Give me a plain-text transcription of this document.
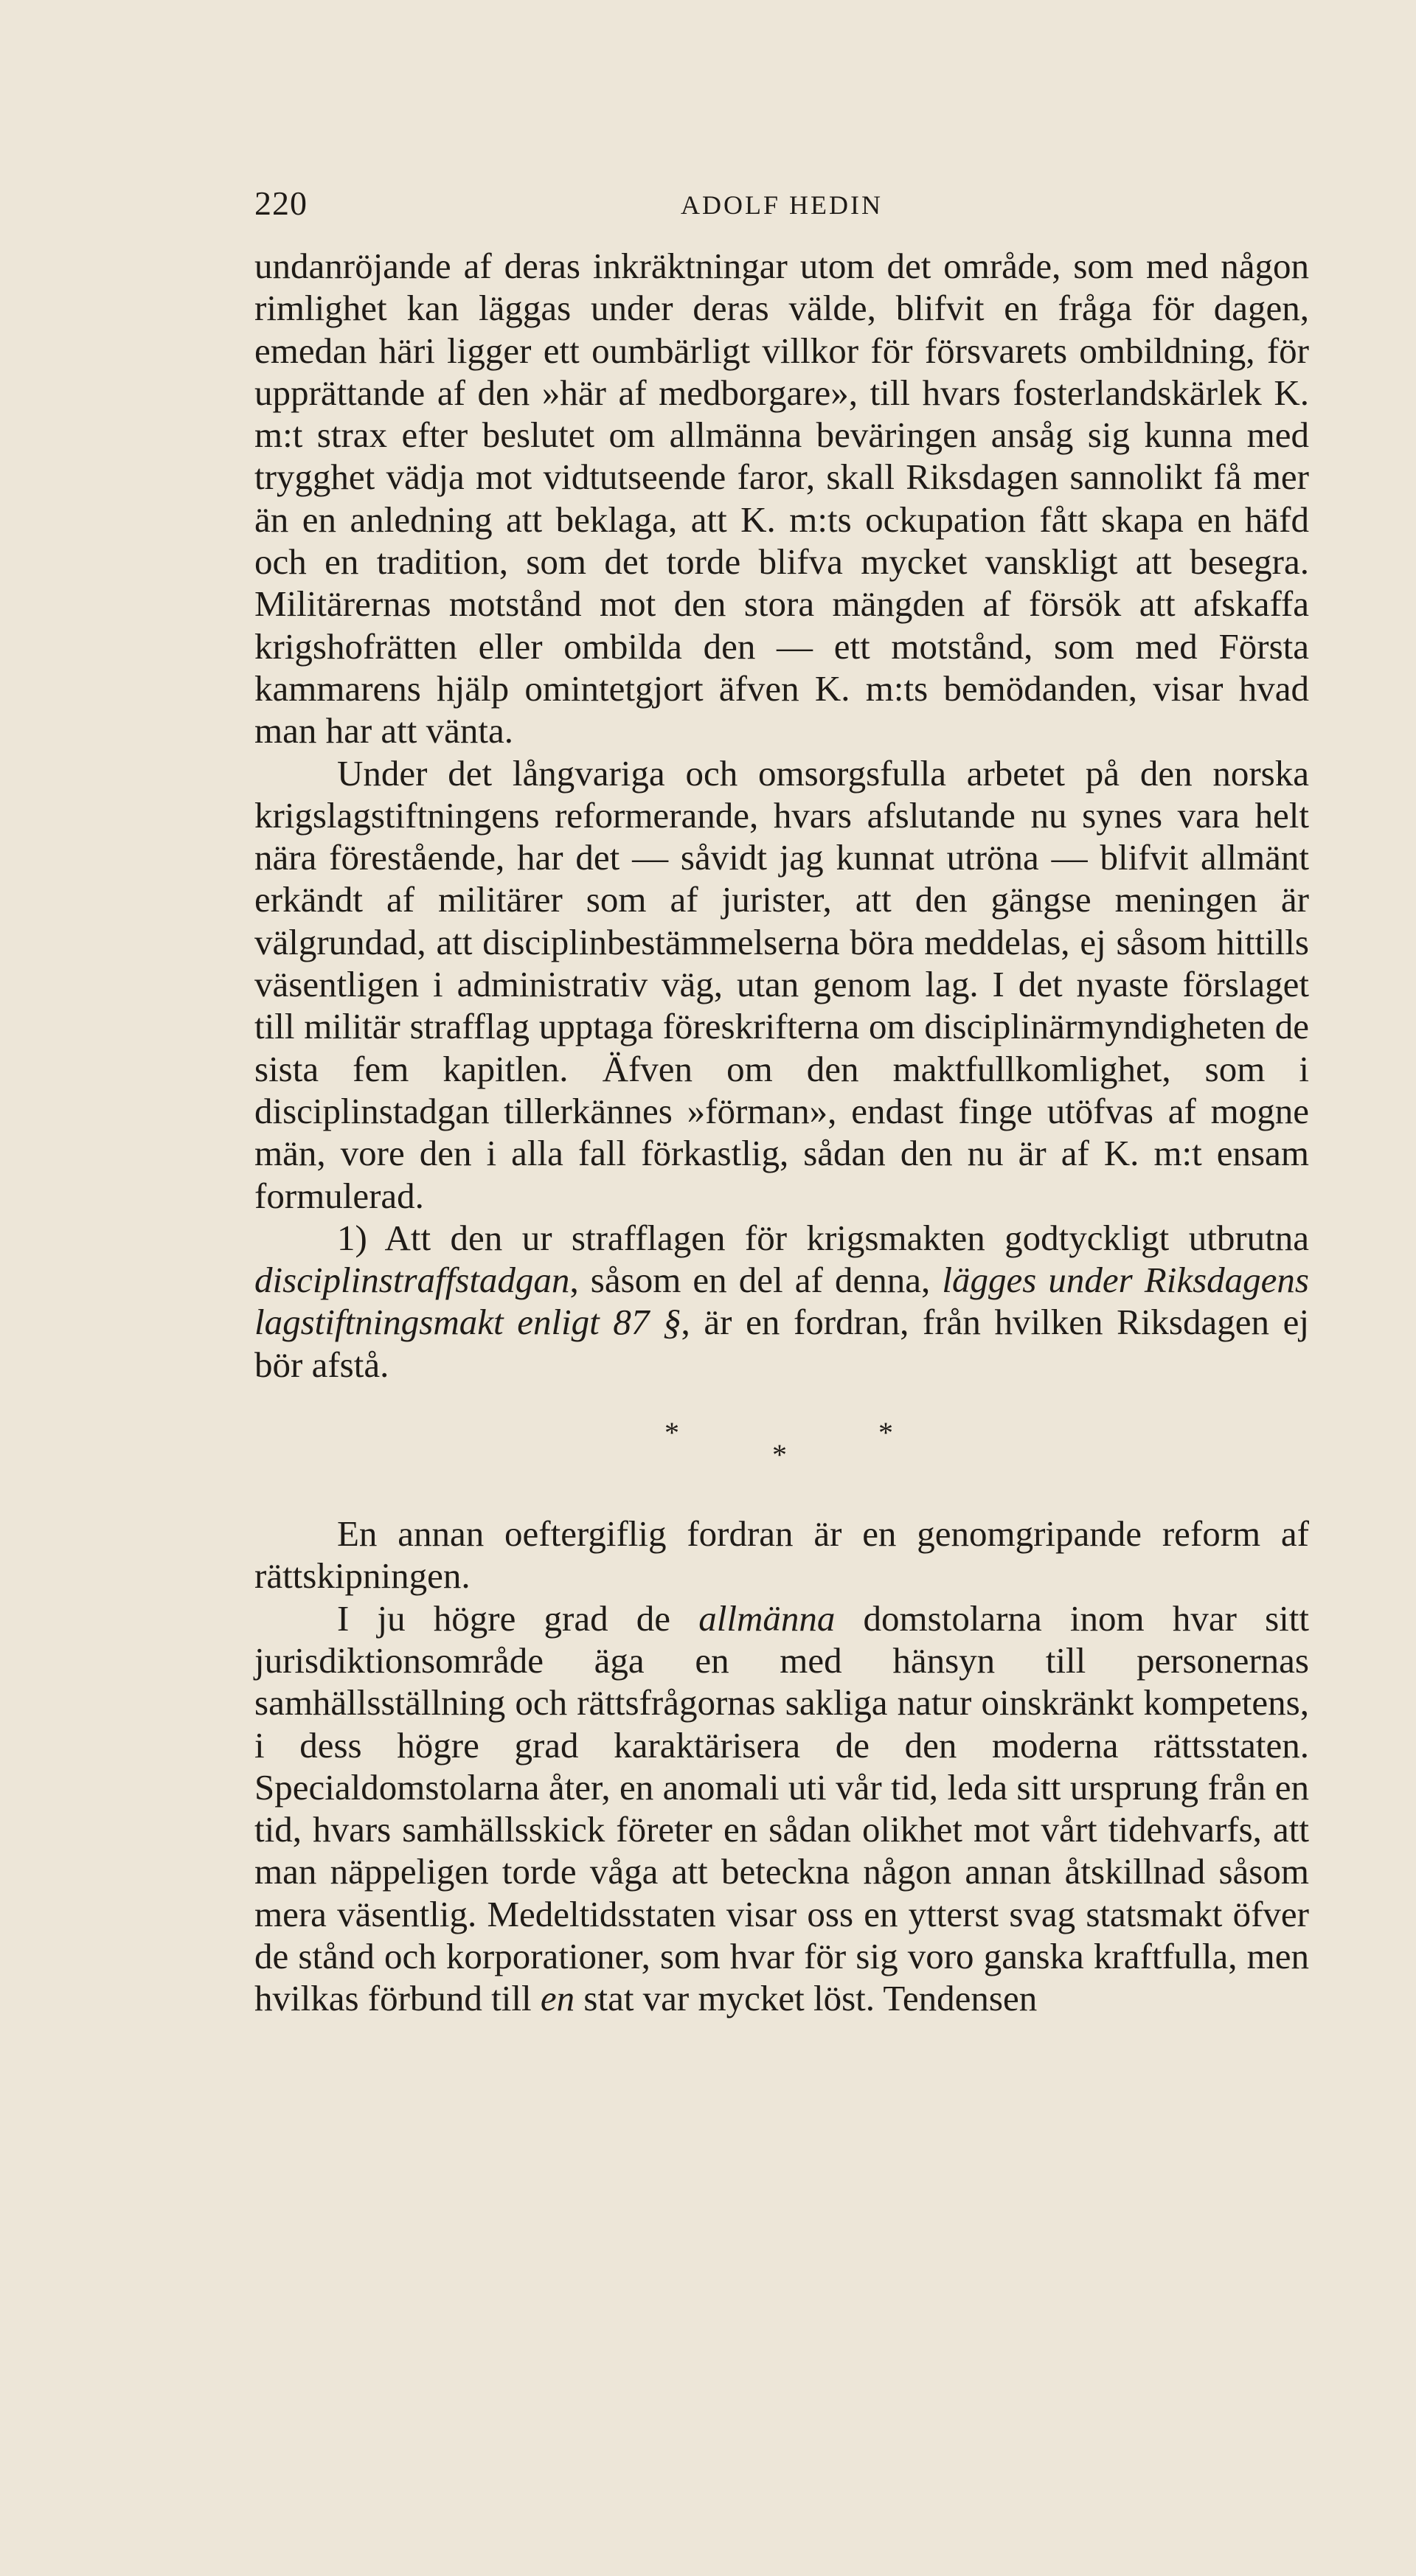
220	ADOLF HEDIN

undanröjande af deras inkräktningar utom det område, som med någon rimlighet kan läggas under deras välde, blifvit en fråga för dagen, emedan häri ligger ett oumbärligt villkor för försvarets ombildning, för upprättande af den »här af medborgare», till hvars fosterlandskärlek K. m:t strax efter beslutet om allmänna beväringen ansåg sig kunna med trygghet vädja mot vidtutseende faror, skall Riksdagen sannolikt få mer än en anledning att beklaga, att K. m:ts ockupation fått skapa en häfd och en tradition, som det torde blifva mycket vanskligt att besegra. Militärernas motstånd mot den stora mängden af försök att afskaffa krigshofrätten eller ombilda den — ett motstånd, som med Första kammarens hjälp omintetgjort äfven K. m:ts bemödanden, visar hvad man har att vänta.

Under det långvariga och omsorgsfulla arbetet på den norska krigslagstiftningens reformerande, hvars afslutande nu synes vara helt nära förestående, har det — såvidt jag kunnat utröna — blifvit allmänt erkändt af militärer som af jurister, att den gängse meningen är välgrundad, att disciplinbestämmelserna böra meddelas, ej såsom hittills väsentligen i administrativ väg, utan genom lag. I det nyaste förslaget till militär strafflag upptaga föreskrifterna om disciplinärmyndigheten de sista fem kapitlen. Äfven om den maktfullkomlighet, som i disciplinstadgan tillerkännes »förman», endast finge utöfvas af mogne män, vore den i alla fall förkastlig, sådan den nu är af K. m:t ensam formulerad.

1) Att den ur strafflagen för krigsmakten godtyckligt utbrutna disciplinstraffstadgan, såsom en del af denna, lägges under Riksdagens lagstiftningsmakt enligt 87 §, är en fordran, från hvilken Riksdagen ej bör afstå.

*
*
*

En annan oeftergiflig fordran är en genomgripande reform af rättskipningen.

I ju högre grad de allmänna domstolarna inom hvar sitt jurisdiktionsområde äga en med hänsyn till personernas samhällsställning och rättsfrågornas sakliga natur oinskränkt kompetens, i dess högre grad karaktärisera de den moderna rättsstaten. Specialdomstolarna åter, en anomali uti vår tid, leda sitt ursprung från en tid, hvars samhällsskick företer en sådan olikhet mot vårt tidehvarfs, att man näppeligen torde våga att beteckna någon annan åtskillnad såsom mera väsentlig. Medeltidsstaten visar oss en ytterst svag statsmakt öfver de stånd och korporationer, som hvar för sig voro ganska kraftfulla, men hvilkas förbund till en stat var mycket löst. Tendensen
